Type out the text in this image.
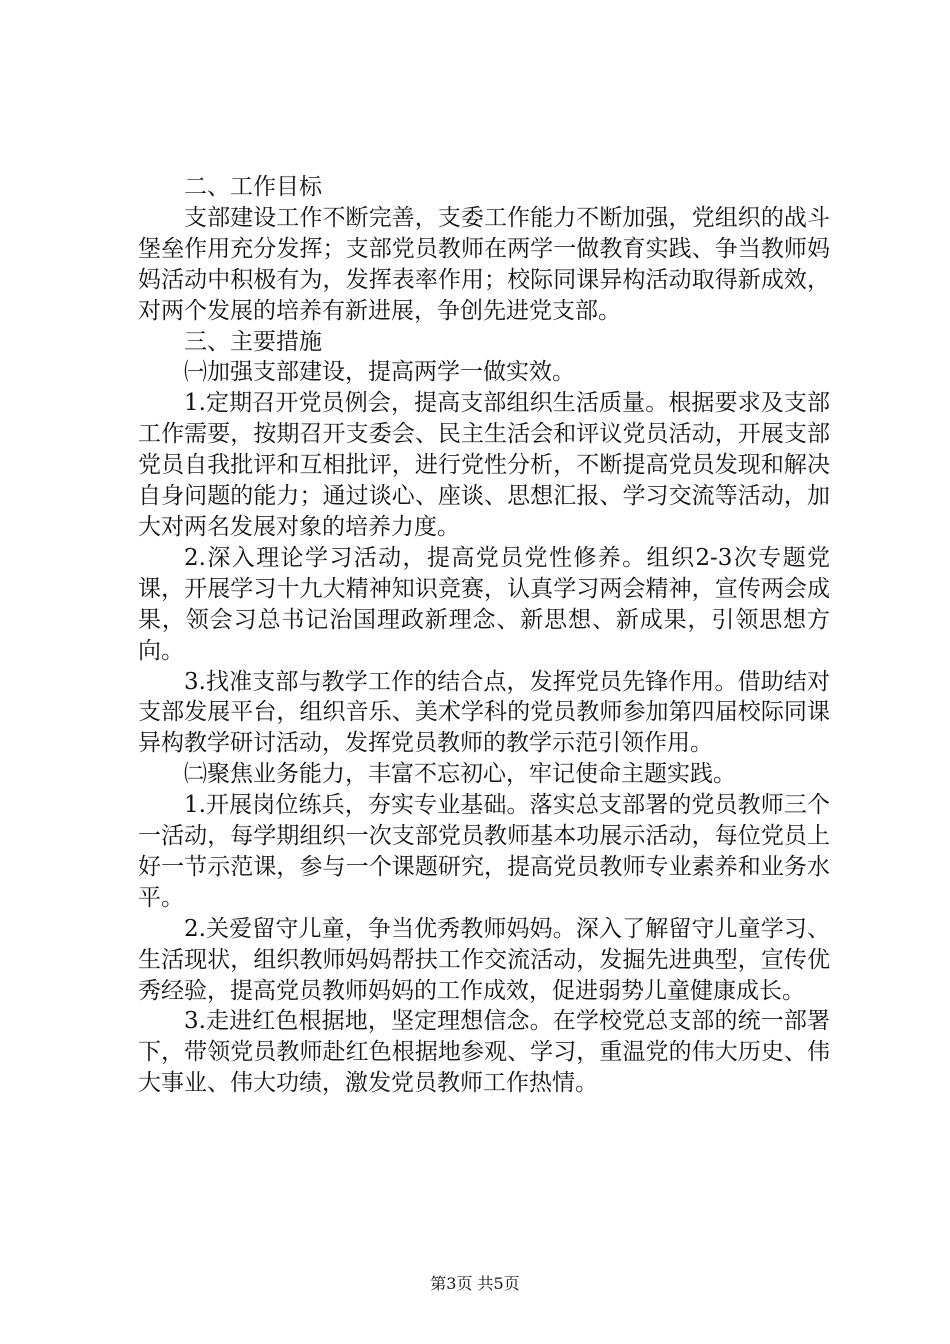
二、工作目标

支部建设工作不断完善，支委工作能力不断加强，党组织的战斗堡垒作用充分发挥；支部党员教师在两学一做教育实践、争当教师妈妈活动中积极有为，发挥表率作用；校际同课异构活动取得新成效，对两个发展的培养有新进展，争创先进党支部。

三、主要措施

㈠加强支部建设，提高两学一做实效。

1.定期召开党员例会，提高支部组织生活质量。根据要求及支部工作需要，按期召开支委会、民主生活会和评议党员活动，开展支部党员自我批评和互相批评，进行党性分析，不断提高党员发现和解决自身问题的能力；通过谈心、座谈、思想汇报、学习交流等活动，加大对两名发展对象的培养力度。

2.深入理论学习活动，提高党员党性修养。组织2-3次专题党课，开展学习十九大精神知识竞赛，认真学习两会精神，宣传两会成果，领会习总书记治国理政新理念、新思想、新成果，引领思想方向。

3.找准支部与教学工作的结合点，发挥党员先锋作用。借助结对支部发展平台，组织音乐、美术学科的党员教师参加第四届校际同课异构教学研讨活动，发挥党员教师的教学示范引领作用。

㈡聚焦业务能力，丰富不忘初心，牢记使命主题实践。

1.开展岗位练兵，夯实专业基础。落实总支部署的党员教师三个一活动，每学期组织一次支部党员教师基本功展示活动，每位党员上好一节示范课，参与一个课题研究，提高党员教师专业素养和业务水平。

2.关爱留守儿童，争当优秀教师妈妈。深入了解留守儿童学习、生活现状，组织教师妈妈帮扶工作交流活动，发掘先进典型，宣传优秀经验，提高党员教师妈妈的工作成效，促进弱势儿童健康成长。

3.走进红色根据地，坚定理想信念。在学校党总支部的统一部署下，带领党员教师赴红色根据地参观、学习，重温党的伟大历史、伟大事业、伟大功绩，激发党员教师工作热情。

第3页 共5页
